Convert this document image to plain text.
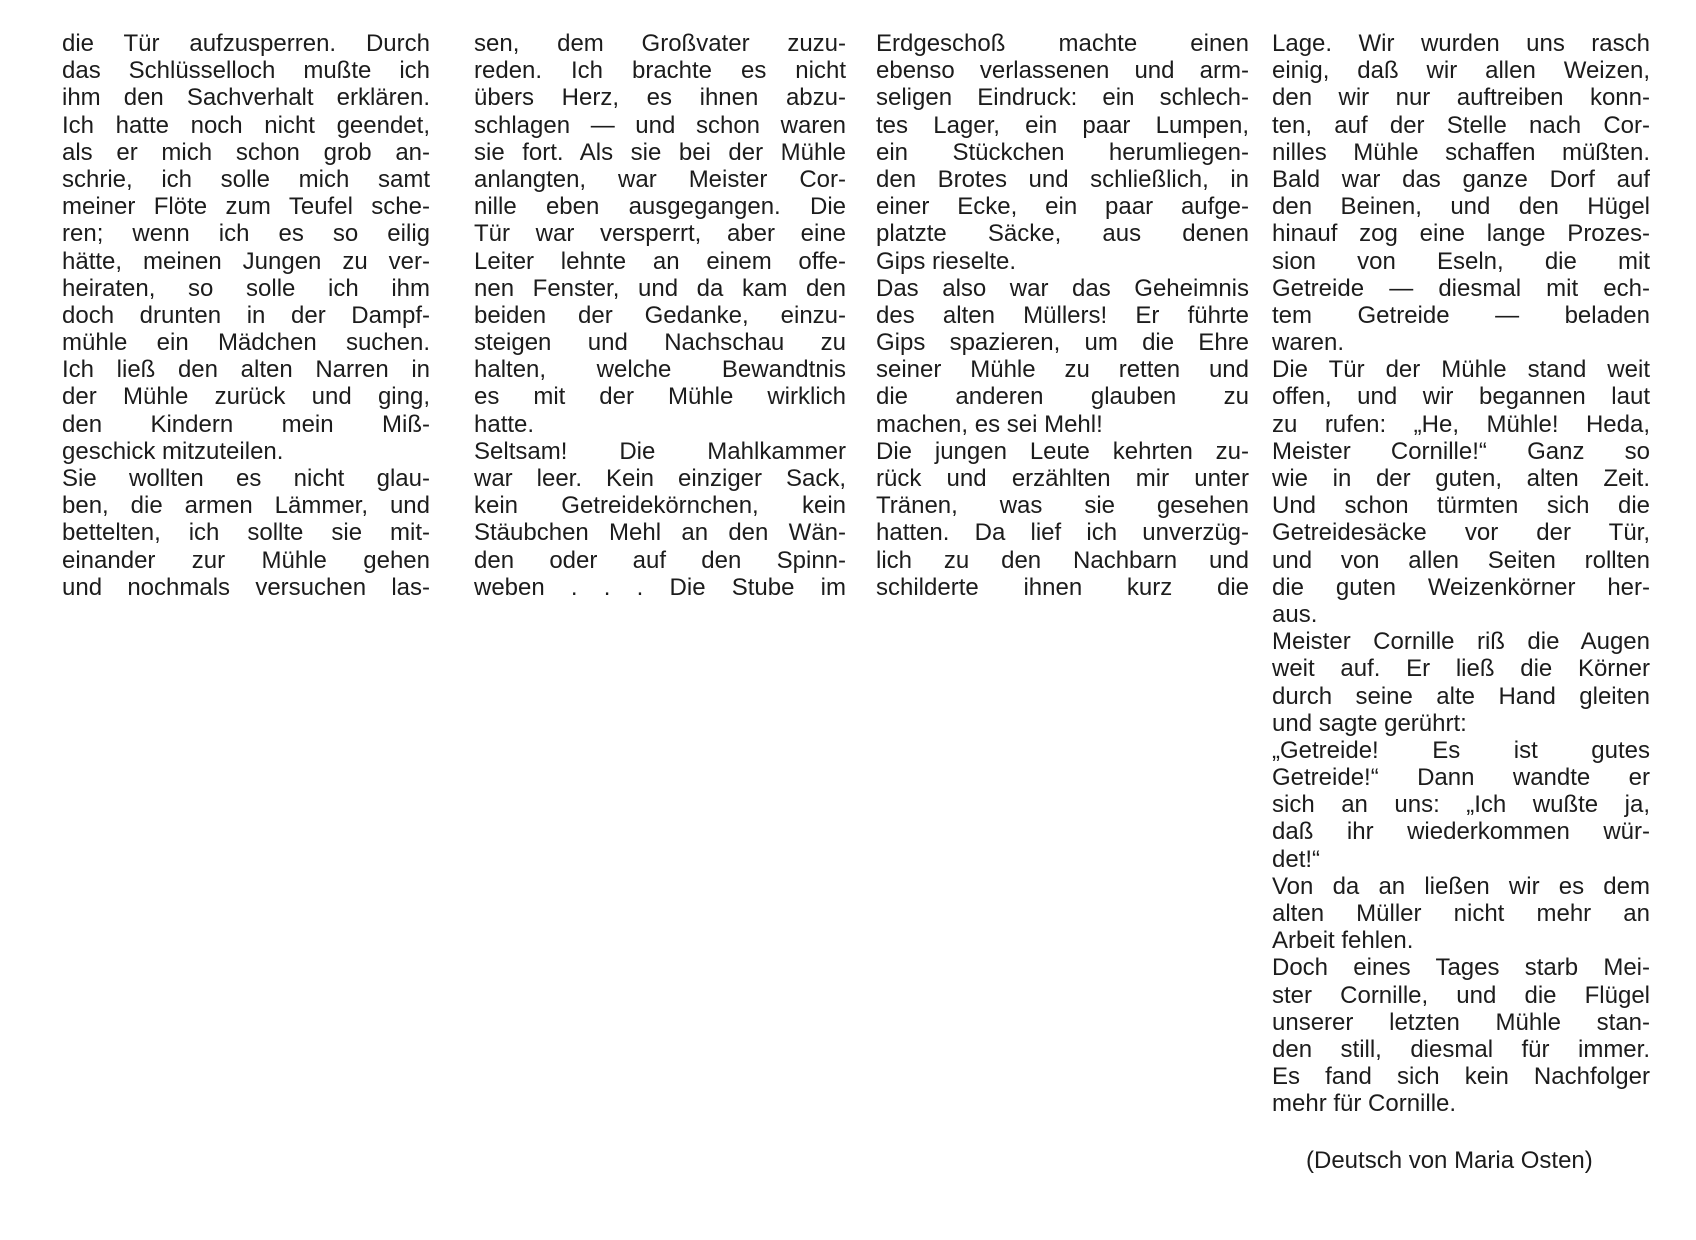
die Tür aufzusperren. Durch
das Schlüsselloch mußte ich
ihm den Sachverhalt erklären.
Ich hatte noch nicht geendet,
als er mich schon grob an-
schrie, ich solle mich samt
meiner Flöte zum Teufel sche-
ren; wenn ich es so eilig
hätte, meinen Jungen zu ver-
heiraten, so solle ich ihm
doch drunten in der Dampf-
mühle ein Mädchen suchen.
Ich ließ den alten Narren in
der Mühle zurück und ging,
den Kindern mein Miß-
geschick mitzuteilen.
Sie wollten es nicht glau-
ben, die armen Lämmer, und
bettelten, ich sollte sie mit-
einander zur Mühle gehen
und nochmals versuchen las-
sen, dem Großvater zuzu-
reden. Ich brachte es nicht
übers Herz, es ihnen abzu-
schlagen — und schon waren
sie fort. Als sie bei der Mühle
anlangten, war Meister Cor-
nille eben ausgegangen. Die
Tür war versperrt, aber eine
Leiter lehnte an einem offe-
nen Fenster, und da kam den
beiden der Gedanke, einzu-
steigen und Nachschau zu
halten, welche Bewandtnis
es mit der Mühle wirklich
hatte.
Seltsam! Die Mahlkammer
war leer. Kein einziger Sack,
kein Getreidekörnchen, kein
Stäubchen Mehl an den Wän-
den oder auf den Spinn-
weben . . . Die Stube im
Erdgeschoß machte einen
ebenso verlassenen und arm-
seligen Eindruck: ein schlech-
tes Lager, ein paar Lumpen,
ein Stückchen herumliegen-
den Brotes und schließlich, in
einer Ecke, ein paar aufge-
platzte Säcke, aus denen
Gips rieselte.
Das also war das Geheimnis
des alten Müllers! Er führte
Gips spazieren, um die Ehre
seiner Mühle zu retten und
die anderen glauben zu
machen, es sei Mehl!
Die jungen Leute kehrten zu-
rück und erzählten mir unter
Tränen, was sie gesehen
hatten. Da lief ich unverzüg-
lich zu den Nachbarn und
schilderte ihnen kurz die
Lage. Wir wurden uns rasch
einig, daß wir allen Weizen,
den wir nur auftreiben konn-
ten, auf der Stelle nach Cor-
nilles Mühle schaffen müßten.
Bald war das ganze Dorf auf
den Beinen, und den Hügel
hinauf zog eine lange Prozes-
sion von Eseln, die mit
Getreide — diesmal mit ech-
tem Getreide — beladen
waren.
Die Tür der Mühle stand weit
offen, und wir begannen laut
zu rufen: „He, Mühle! Heda,
Meister Cornille!“ Ganz so
wie in der guten, alten Zeit.
Und schon türmten sich die
Getreidesäcke vor der Tür,
und von allen Seiten rollten
die guten Weizenkörner her-
aus.
Meister Cornille riß die Augen
weit auf. Er ließ die Körner
durch seine alte Hand gleiten
und sagte gerührt:
„Getreide! Es ist gutes
Getreide!“ Dann wandte er
sich an uns: „Ich wußte ja,
daß ihr wiederkommen wür-
det!“
Von da an ließen wir es dem
alten Müller nicht mehr an
Arbeit fehlen.
Doch eines Tages starb Mei-
ster Cornille, und die Flügel
unserer letzten Mühle stan-
den still, diesmal für immer.
Es fand sich kein Nachfolger
mehr für Cornille.
(Deutsch von Maria Osten)
